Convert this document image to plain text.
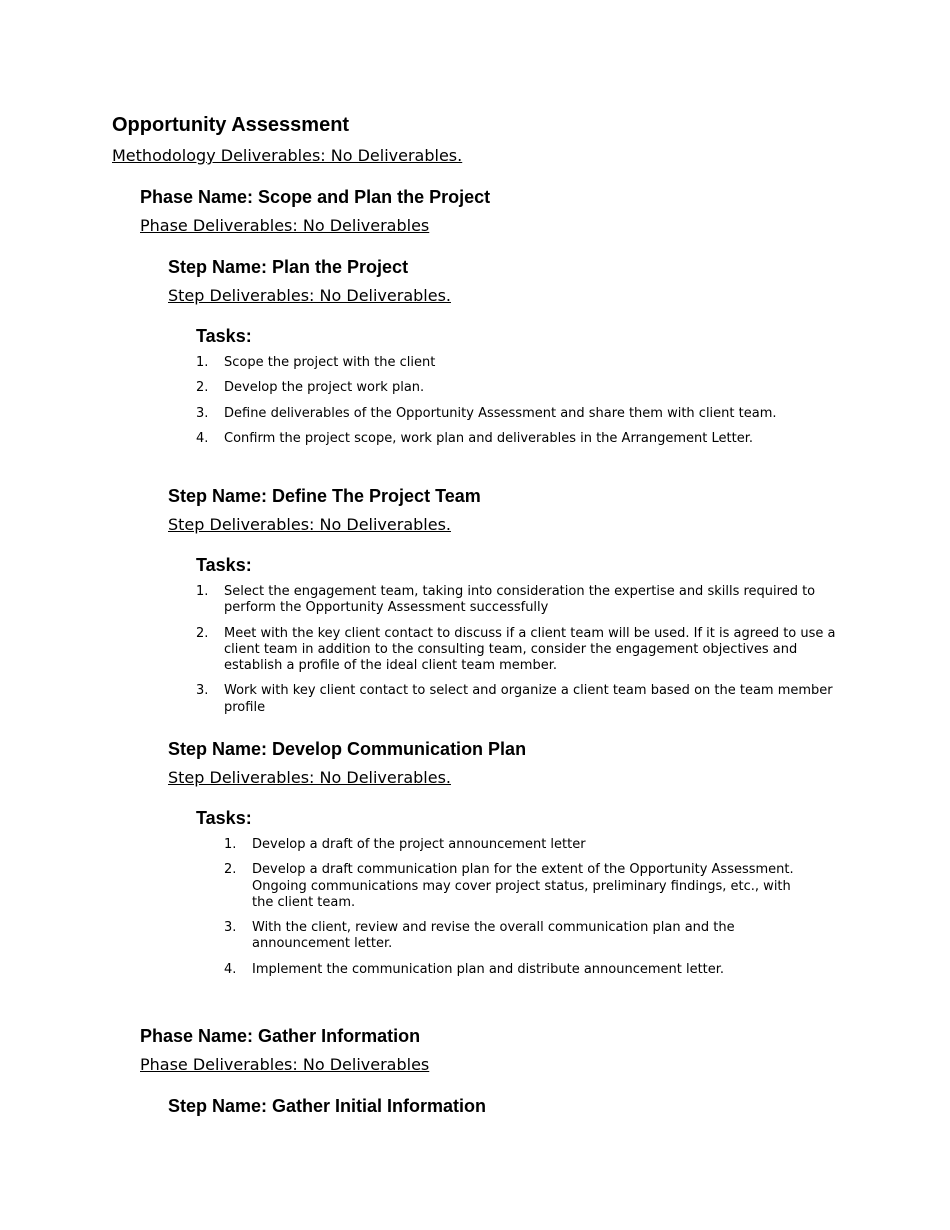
Opportunity Assessment
Methodology Deliverables: No Deliverables.
Phase Name: Scope and Plan the Project
Phase Deliverables: No Deliverables
Step Name: Plan the Project
Step Deliverables: No Deliverables.
Tasks:
1. Scope the project with the client
2. Develop the project work plan.
3. Define deliverables of the Opportunity Assessment and share them with client team.
4. Confirm the project scope, work plan and deliverables in the Arrangement Letter.
Step Name: Define The Project Team
Step Deliverables: No Deliverables.
Tasks:
1. Select the engagement team, taking into consideration the expertise and skills required to perform the Opportunity Assessment successfully
2. Meet with the key client contact to discuss if a client team will be used. If it is agreed to use a client team in addition to the consulting team, consider the engagement objectives and establish a profile of the ideal client team member.
3. Work with key client contact to select and organize a client team based on the team member profile
Step Name: Develop Communication Plan
Step Deliverables: No Deliverables.
Tasks:
1. Develop a draft of the project announcement letter
2. Develop a draft communication plan for the extent of the Opportunity Assessment. Ongoing communications may cover project status, preliminary findings, etc., with the client team.
3. With the client, review and revise the overall communication plan and the announcement letter.
4. Implement the communication plan and distribute announcement letter.
Phase Name: Gather Information
Phase Deliverables: No Deliverables
Step Name: Gather Initial Information
